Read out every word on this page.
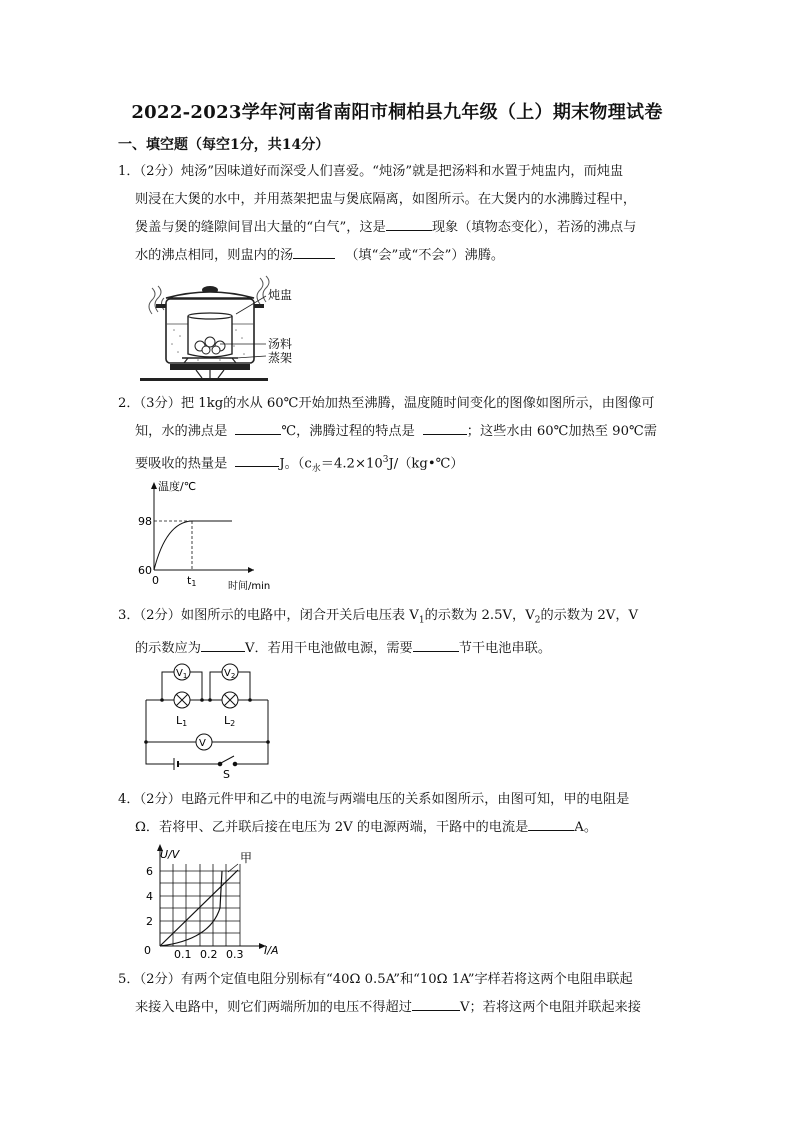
2022-2023学年河南省南阳市桐柏县九年级（上）期末物理试卷
一、填空题（每空1分，共14分）
1．（2分）炖汤”因味道好而深受人们喜爱。“炖汤”就是把汤料和水置于炖盅内，而炖盅
则浸在大煲的水中，并用蒸架把盅与煲底隔离，如图所示。在大煲内的水沸腾过程中，
煲盖与煲的缝隙间冒出大量的“白气”，这是	现象（填物态变化），若汤的沸点与
水的沸点相同，则盅内的汤	（填“会”或“不会”）沸腾。
炖盅
汤料
蒸架
2．（3分）把 1kg的水从 60℃开始加热至沸腾，温度随时间变化的图像如图所示，由图像可
知，水的沸点是	℃，沸腾过程的特点是	；这些水由 60℃加热至 90℃需
要吸收的热量是	J。（$c_水=4.2\times 10^3J/(kg•℃)$
温度/℃
98
60
0	t1	时间/min
3．（2分）如图所示的电路中，闭合开关后电压表 $V_1$的示数为 2.5V，$V_2$的示数为 2V，V
的示数应为	V．若用干电池做电源，需要	节干电池串联。
$V_1$	$V_2$
V
L1	L2
S
4．（2分）电路元件甲和乙中的电流与两端电压的关系如图所示，由图可知，甲的电阻是
Ω．若将甲、乙并联后接在电压为 2V 的电源两端，干路中的电流是	A。
甲
U/V
I/A
0
2
4
6
0.1 0.2 0.3
5．（2分）有两个定值电阻分别标有“40Ω 0.5A”和“10Ω 1A”字样若将这两个电阻串联起
来接入电路中，则它们两端所加的电压不得超过	V；若将这两个电阻并联起来接
